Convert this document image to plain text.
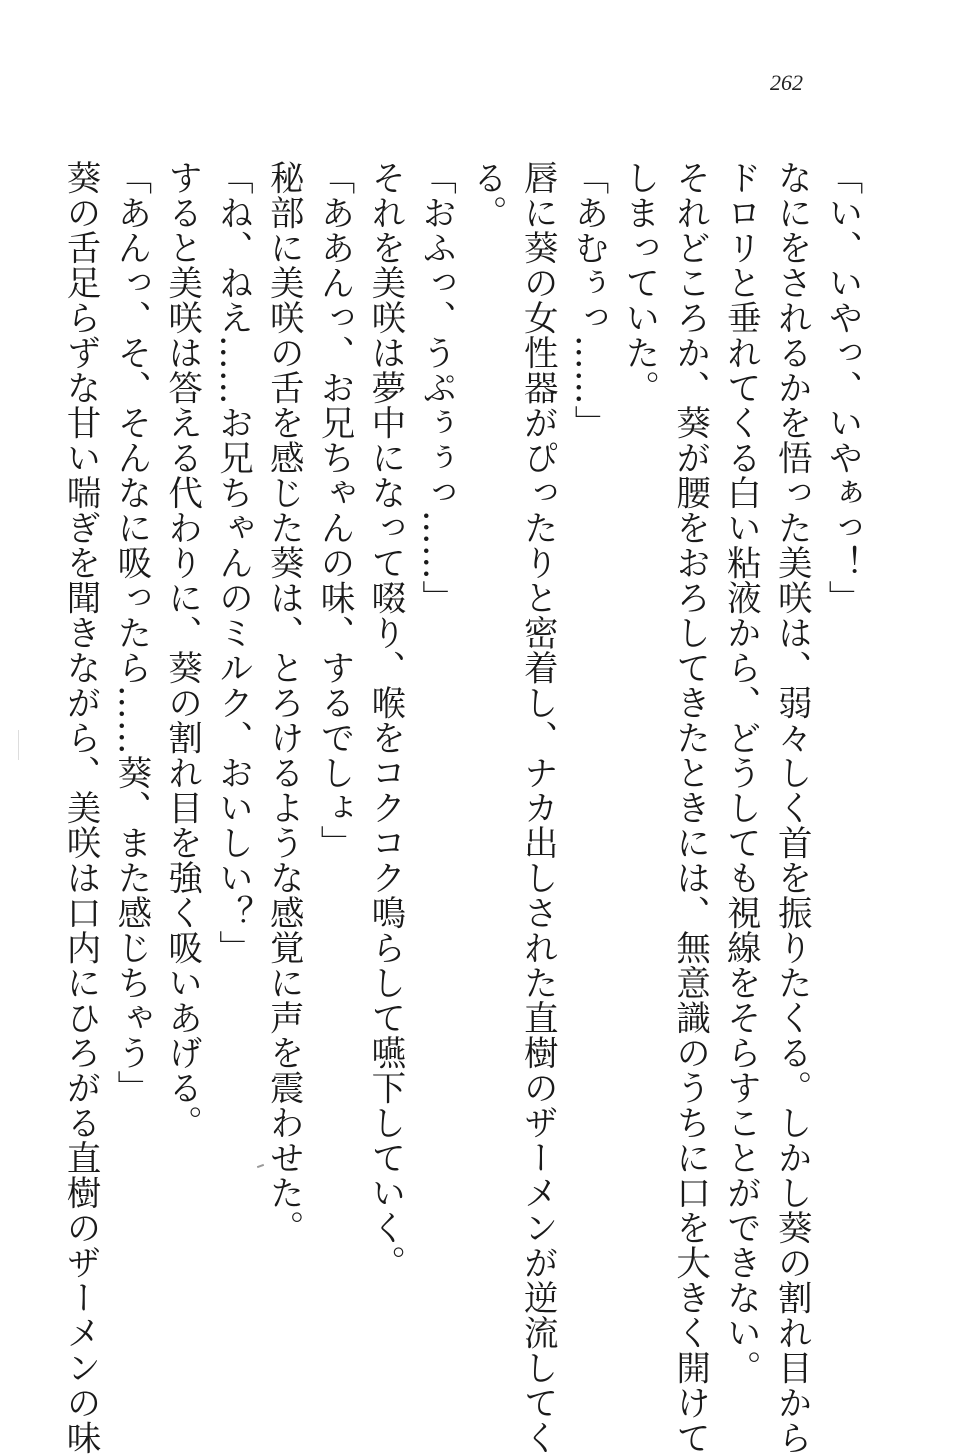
262

「い、いやっ、いやぁっ！」

なにをされるかを悟った美咲は、弱々しく首を振りたくる。しかし葵の割れ目から

ドロリと垂れてくる白い粘液から、どうしても視線をそらすことができない。

それどころか、葵が腰をおろしてきたときには、無意識のうちに口を大きく開けて

しまっていた。

「あむぅっ……」

唇に葵の女性器がぴったりと密着し、ナカ出しされた直樹のザーメンが逆流してく

る。

「おふっ、うぷぅぅっ……」

それを美咲は夢中になって啜り、喉をコクコク鳴らして嚥下していく。

「ああんっ、お兄ちゃんの味、するでしょ」

秘部に美咲の舌を感じた葵は、とろけるような感覚に声を震わせた。

「ね、ねえ……お兄ちゃんのミルク、おいしい？」

すると美咲は答える代わりに、葵の割れ目を強く吸いあげる。

「あんっ、そ、そんなに吸ったら……葵、また感じちゃう」

葵の舌足らずな甘い喘ぎを聞きながら、美咲は口内にひろがる直樹のザーメンの味
